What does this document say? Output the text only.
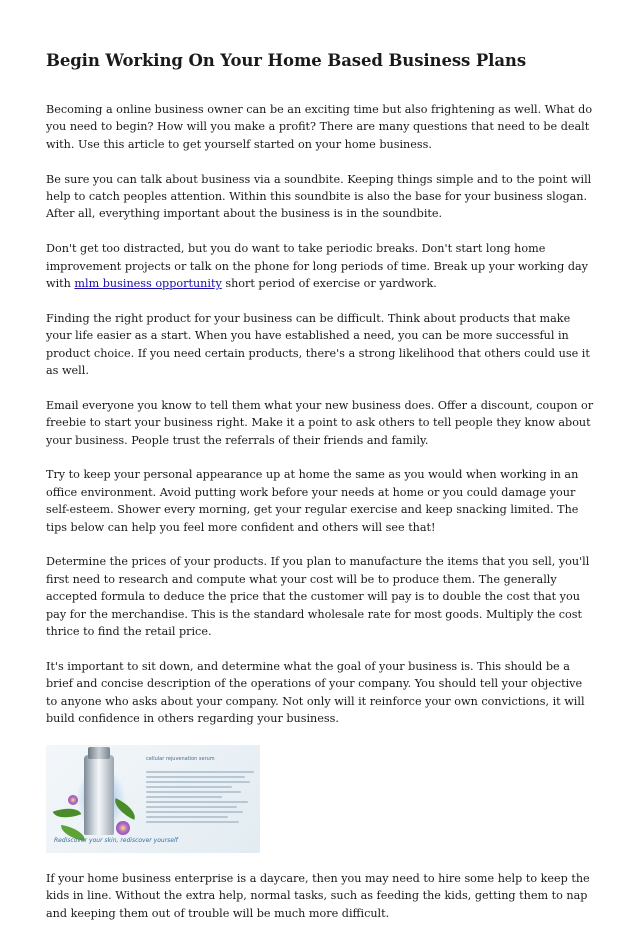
Begin Working On Your Home Based Business Plans

Becoming a online business owner can be an exciting time but also frightening as well. What do you need to begin? How will you make a profit? There are many questions that need to be dealt with. Use this article to get yourself started on your home business.

Be sure you can talk about business via a soundbite. Keeping things simple and to the point will help to catch peoples attention. Within this soundbite is also the base for your business slogan. After all, everything important about the business is in the soundbite.

Don't get too distracted, but you do want to take periodic breaks. Don't start long home improvement projects or talk on the phone for long periods of time. Break up your working day with mlm business opportunity short period of exercise or yardwork.

Finding the right product for your business can be difficult. Think about products that make your life easier as a start. When you have established a need, you can be more successful in product choice. If you need certain products, there's a strong likelihood that others could use it as well.

Email everyone you know to tell them what your new business does. Offer a discount, coupon or freebie to start your business right. Make it a point to ask others to tell people they know about your business. People trust the referrals of their friends and family.

Try to keep your personal appearance up at home the same as you would when working in an office environment. Avoid putting work before your needs at home or you could damage your self-esteem. Shower every morning, get your regular exercise and keep snacking limited. The tips below can help you feel more confident and others will see that!

Determine the prices of your products. If you plan to manufacture the items that you sell, you'll first need to research and compute what your cost will be to produce them. The generally accepted formula to deduce the price that the customer will pay is to double the cost that you pay for the merchandise. This is the standard wholesale rate for most goods. Multiply the cost thrice to find the retail price.

It's important to sit down, and determine what the goal of your business is. This should be a brief and concise description of the operations of your company. You should tell your objective to anyone who asks about your company. Not only will it reinforce your own convictions, it will build confidence in others regarding your business.

cellular rejuvenation serum
Rediscover your skin, rediscover yourself

If your home business enterprise is a daycare, then you may need to hire some help to keep the kids in line. Without the extra help, normal tasks, such as feeding the kids, getting them to nap and keeping them out of trouble will be much more difficult.
